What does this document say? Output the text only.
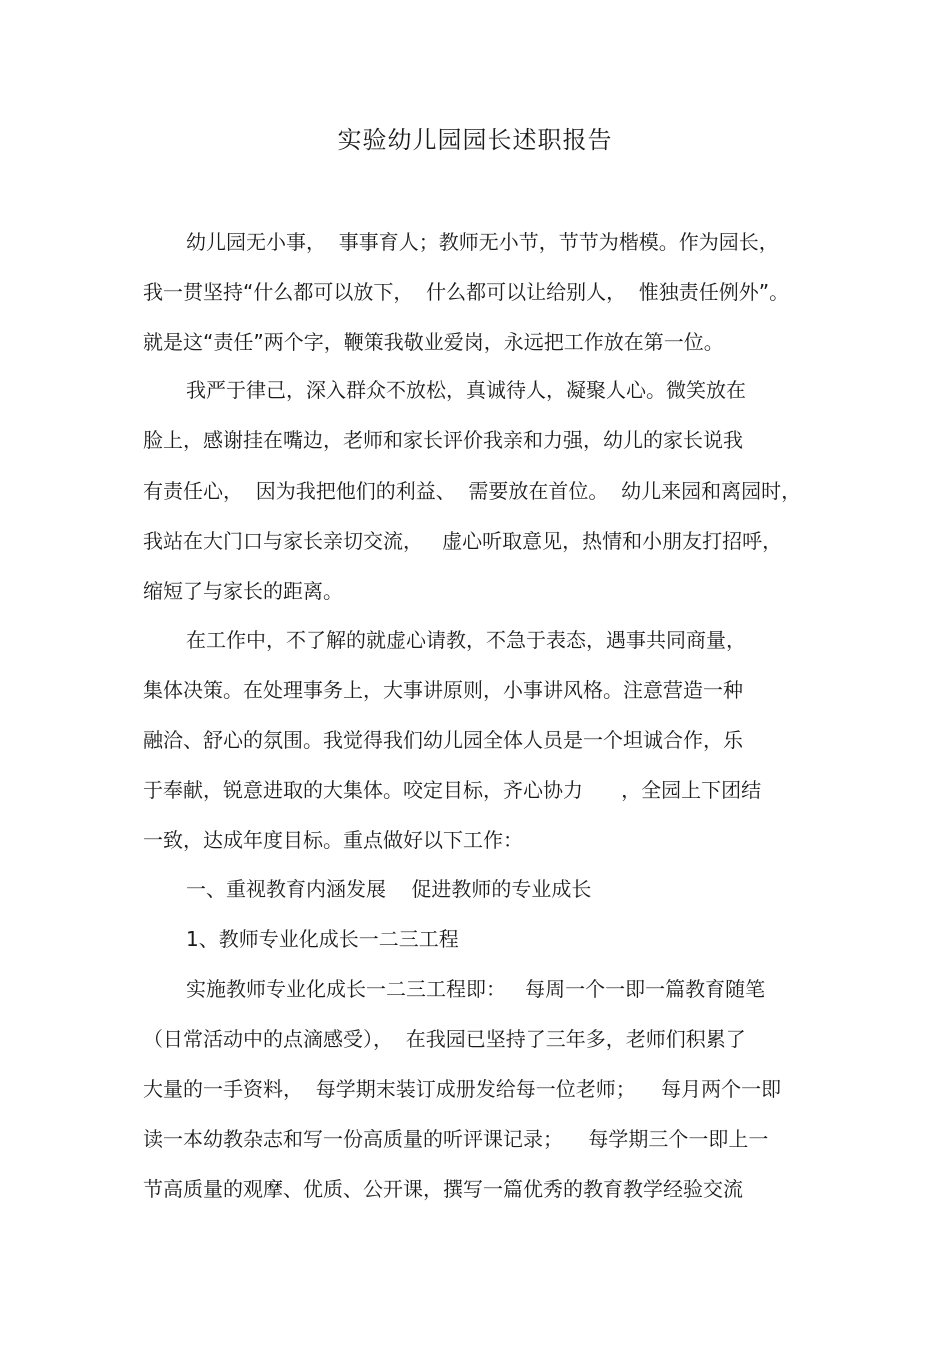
实验幼儿园园长述职报告

幼儿园无小事，  事事育人；教师无小节，节节为楷模。作为园长，

我一贯坚持“什么都可以放下，  什么都可以让给别人，  惟独责任例外”。

就是这“责任”两个字，鞭策我敬业爱岗，永远把工作放在第一位。

我严于律己，深入群众不放松，真诚待人，凝聚人心。微笑放在

脸上，感谢挂在嘴边，老师和家长评价我亲和力强，幼儿的家长说我

有责任心，  因为我把他们的利益、  需要放在首位。  幼儿来园和离园时，

我站在大门口与家长亲切交流，   虚心听取意见，热情和小朋友打招呼，

缩短了与家长的距离。

在工作中，不了解的就虚心请教，不急于表态，遇事共同商量，

集体决策。在处理事务上，大事讲原则，小事讲风格。注意营造一种

融洽、舒心的氛围。我觉得我们幼儿园全体人员是一个坦诚合作，乐

于奉献，锐意进取的大集体。咬定目标，齐心协力      ，全园上下团结

一致，达成年度目标。重点做好以下工作：

一、重视教育内涵发展    促进教师的专业成长

1、教师专业化成长一二三工程

实施教师专业化成长一二三工程即：   每周一个一即一篇教育随笔

（日常活动中的点滴感受），  在我园已坚持了三年多，老师们积累了

大量的一手资料，  每学期末装订成册发给每一位老师；    每月两个一即

读一本幼教杂志和写一份高质量的听评课记录；    每学期三个一即上一

节高质量的观摩、优质、公开课，撰写一篇优秀的教育教学经验交流
